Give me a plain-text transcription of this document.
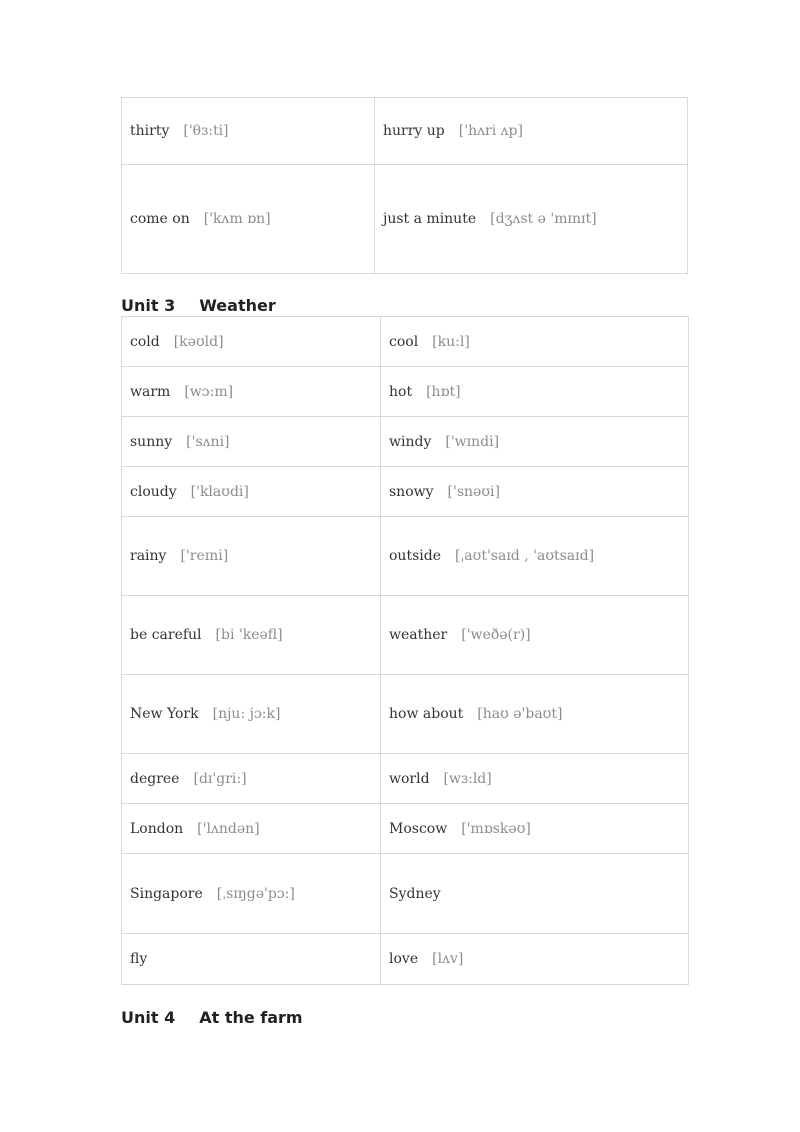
thirty ['θɜ:ti]	hurry up ['hʌri ʌp]
come on ['kʌm ɒn]	just a minute [dʒʌst ə 'mɪnɪt]
Unit 3 Weather
cold [kəʊld]	cool [ku:l]
warm [wɔ:m]	hot [hɒt]
sunny ['sʌni]	windy ['wɪndi]
cloudy ['klaʊdi]	snowy ['snəʊi]
rainy ['reɪni]	outside [ˌaʊt'saɪd , 'aʊtsaɪd]
be careful [bi 'keəfl]	weather ['weðə(r)]
New York [nju: jɔ:k]	how about [haʊ ə'baʊt]
degree [dɪ'gri:]	world [wɜ:ld]
London ['lʌndən]	Moscow ['mɒskəʊ]
Singapore [ˌsɪŋgə'pɔ:]	Sydney
fly	love [lʌv]
Unit 4 At the farm
